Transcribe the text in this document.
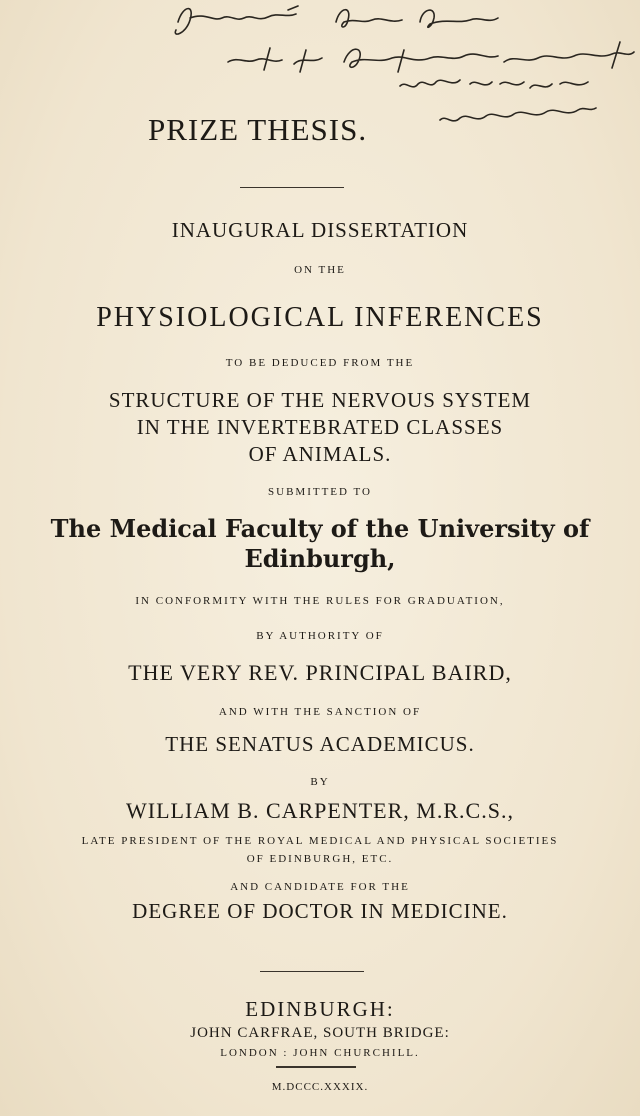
PRIZE THESIS.
INAUGURAL DISSERTATION
ON THE
PHYSIOLOGICAL INFERENCES
TO BE DEDUCED FROM THE
STRUCTURE OF THE NERVOUS SYSTEM
IN THE INVERTEBRATED CLASSES
OF ANIMALS.
SUBMITTED TO
The Medical Faculty of the University of
Edinburgh,
IN CONFORMITY WITH THE RULES FOR GRADUATION,
BY AUTHORITY OF
THE VERY REV. PRINCIPAL BAIRD,
AND WITH THE SANCTION OF
THE SENATUS ACADEMICUS.
BY
WILLIAM B. CARPENTER, M.R.C.S.,
LATE PRESIDENT OF THE ROYAL MEDICAL AND PHYSICAL SOCIETIES
OF EDINBURGH, ETC.
AND CANDIDATE FOR THE
DEGREE OF DOCTOR IN MEDICINE.
EDINBURGH:
JOHN CARFRAE, SOUTH BRIDGE:
LONDON : JOHN CHURCHILL.
M.DCCC.XXXIX.
